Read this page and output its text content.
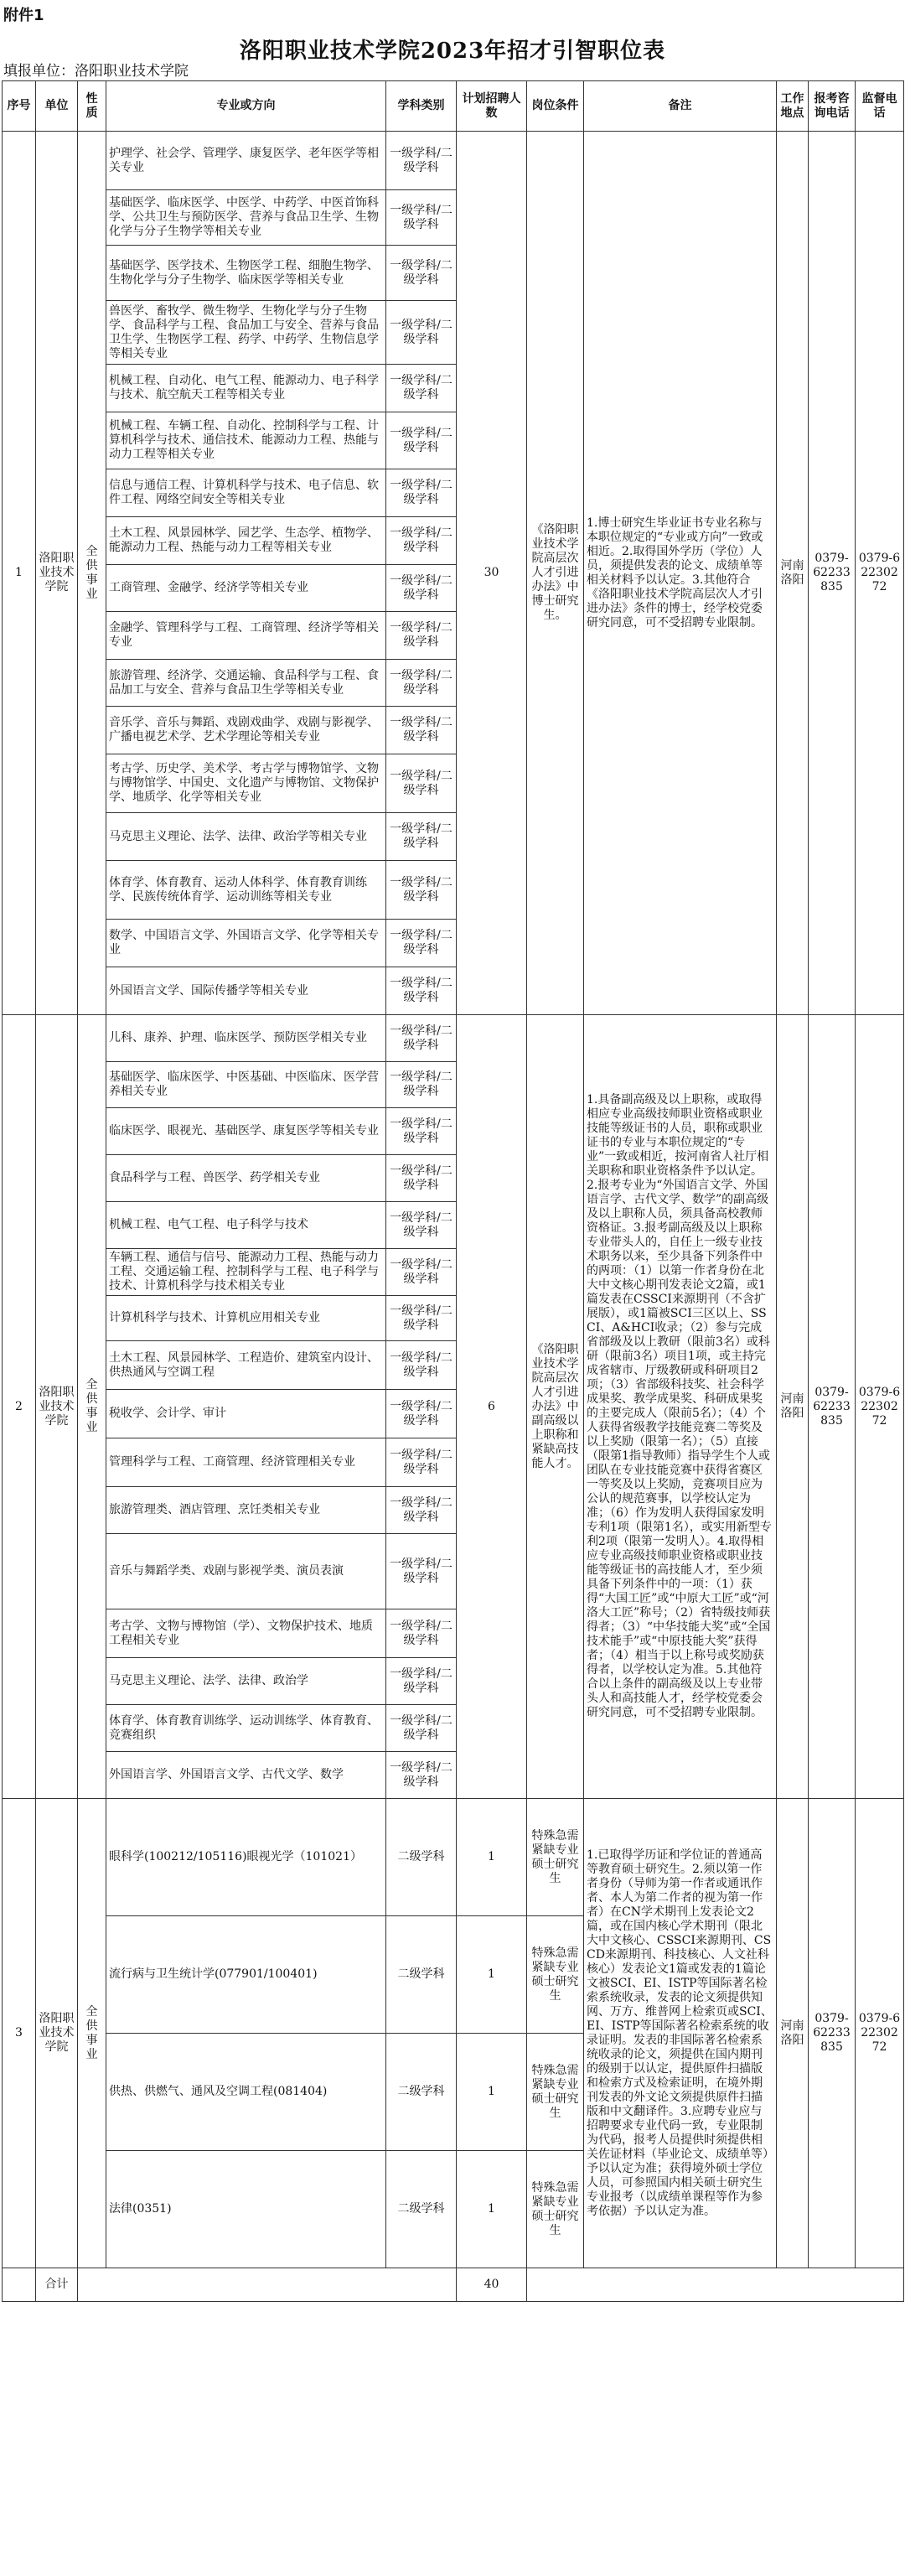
附件1
洛阳职业技术学院2023年招才引智职位表
填报单位：洛阳职业技术学院
序号	单位	性质	专业或方向	学科类别	计划招聘人数	岗位条件	备注	工作地点	报考咨询电话	监督电话
1	洛阳职业技术学院	全供事业	护理学、社会学、管理学、康复医学、老年医学等相关专业	一级学科/二级学科	30	《洛阳职业技术学院高层次人才引进办法》中博士研究生。	1.博士研究生毕业证书专业名称与本职位规定的“专业或方向”一致或相近。2.取得国外学历（学位）人员，须提供发表的论文、成绩单等相关材料予以认定。3.其他符合《洛阳职业技术学院高层次人才引进办法》条件的博士，经学校党委研究同意，可不受招聘专业限制。	河南洛阳	0379-62233835	0379-62230272
			基础医学、临床医学、中医学、中药学、中医首饰科学、公共卫生与预防医学、营养与食品卫生学、生物化学与分子生物学等相关专业	一级学科/二级学科						
			基础医学、医学技术、生物医学工程、细胞生物学、生物化学与分子生物学、临床医学等相关专业	一级学科/二级学科						
			兽医学、畜牧学、微生物学、生物化学与分子生物学、食品科学与工程、食品加工与安全、营养与食品卫生学、生物医学工程、药学、中药学、生物信息学等相关专业	一级学科/二级学科						
			机械工程、自动化、电气工程、能源动力、电子科学与技术、航空航天工程等相关专业	一级学科/二级学科						
			机械工程、车辆工程、自动化、控制科学与工程、计算机科学与技术、通信技术、能源动力工程、热能与动力工程等相关专业	一级学科/二级学科						
			信息与通信工程、计算机科学与技术、电子信息、软件工程、网络空间安全等相关专业	一级学科/二级学科						
			土木工程、风景园林学、园艺学、生态学、植物学、能源动力工程、热能与动力工程等相关专业	一级学科/二级学科						
			工商管理、金融学、经济学等相关专业	一级学科/二级学科						
			金融学、管理科学与工程、工商管理、经济学等相关专业	一级学科/二级学科						
			旅游管理、经济学、交通运输、食品科学与工程、食品加工与安全、营养与食品卫生学等相关专业	一级学科/二级学科						
			音乐学、音乐与舞蹈、戏剧戏曲学、戏剧与影视学、广播电视艺术学、艺术学理论等相关专业	一级学科/二级学科						
			考古学、历史学、美术学、考古学与博物馆学、文物与博物馆学、中国史、文化遗产与博物馆、文物保护学、地质学、化学等相关专业	一级学科/二级学科						
			马克思主义理论、法学、法律、政治学等相关专业	一级学科/二级学科						
			体育学、体育教育、运动人体科学、体育教育训练学、民族传统体育学、运动训练等相关专业	一级学科/二级学科						
			数学、中国语言文学、外国语言文学、化学等相关专业	一级学科/二级学科						
			外国语言文学、国际传播学等相关专业	一级学科/二级学科						
2	洛阳职业技术学院	全供事业	儿科、康养、护理、临床医学、预防医学相关专业	一级学科/二级学科	6	《洛阳职业技术学院高层次人才引进办法》中副高级以上职称和紧缺高技能人才。	1.具备副高级及以上职称，或取得相应专业高级技师职业资格或职业技能等级证书的人员，职称或职业证书的专业与本职位规定的“专业”一致或相近，按河南省人社厅相关职称和职业资格条件予以认定。2.报考专业为“外国语言文学、外国语言学、古代文学、数学”的副高级及以上职称人员，须具备高校教师资格证。3.报考副高级及以上职称专业带头人的，自任上一级专业技术职务以来，至少具备下列条件中的两项：（1）以第一作者身份在北大中文核心期刊发表论文2篇，或1篇发表在CSSCI来源期刊（不含扩展版），或1篇被SCI三区以上、SSCI、A&HCI收录；（2）参与完成省部级及以上教研（限前3名）或科研（限前3名）项目1项，或主持完成省辖市、厅级教研或科研项目2项；（3）省部级科技奖、社会科学成果奖、教学成果奖、科研成果奖的主要完成人（限前5名）；（4）个人获得省级教学技能竞赛二等奖及以上奖励（限第一名）；（5）直接（限第1指导教师）指导学生个人或团队在专业技能竞赛中获得省赛区一等奖及以上奖励，竞赛项目应为公认的规范赛事，以学校认定为准；（6）作为发明人获得国家发明专利1项（限第1名），或实用新型专利2项（限第一发明人）。4.取得相应专业高级技师职业资格或职业技能等级证书的高技能人才，至少须具备下列条件中的一项：（1）获得“大国工匠”或“中原大工匠”或“河洛大工匠”称号；（2）省特级技师获得者；（3）“中华技能大奖”或“全国技术能手”或“中原技能大奖”获得者；（4）相当于以上称号或奖励获得者，以学校认定为准。5.其他符合以上条件的副高级及以上专业带头人和高技能人才，经学校党委会研究同意，可不受招聘专业限制。	河南洛阳	0379-62233835	0379-62230272
			基础医学、临床医学、中医基础、中医临床、医学营养相关专业	一级学科/二级学科						
			临床医学、眼视光、基础医学、康复医学等相关专业	一级学科/二级学科						
			食品科学与工程、兽医学、药学相关专业	一级学科/二级学科						
			机械工程、电气工程、电子科学与技术	一级学科/二级学科						
			车辆工程、通信与信号、能源动力工程、热能与动力工程、交通运输工程、控制科学与工程、电子科学与技术、计算机科学与技术相关专业	一级学科/二级学科						
			计算机科学与技术、计算机应用相关专业	一级学科/二级学科						
			土木工程、风景园林学、工程造价、建筑室内设计、供热通风与空调工程	一级学科/二级学科						
			税收学、会计学、审计	一级学科/二级学科						
			管理科学与工程、工商管理、经济管理相关专业	一级学科/二级学科						
			旅游管理类、酒店管理、烹饪类相关专业	一级学科/二级学科						
			音乐与舞蹈学类、戏剧与影视学类、演员表演	一级学科/二级学科						
			考古学、文物与博物馆（学）、文物保护技术、地质工程相关专业	一级学科/二级学科						
			马克思主义理论、法学、法律、政治学	一级学科/二级学科						
			体育学、体育教育训练学、运动训练学、体育教育、竞赛组织	一级学科/二级学科						
			外国语言学、外国语言文学、古代文学、数学	一级学科/二级学科						
3	洛阳职业技术学院	全供事业	眼科学(100212/105116)眼视光学（101021）	二级学科	1	特殊急需紧缺专业硕士研究生	1.已取得学历证和学位证的普通高等教育硕士研究生。2.须以第一作者身份（导师为第一作者或通讯作者、本人为第二作者的视为第一作者）在CN学术期刊上发表论文2篇，或在国内核心学术期刊（限北大中文核心、CSSCI来源期刊、CSCD来源期刊、科技核心、人文社科核心）发表论文1篇或发表的1篇论文被SCI、EI、ISTP等国际著名检索系统收录，发表的论文须提供知网、万方、维普网上检索页或SCI、EI、ISTP等国际著名检索系统的收录证明。发表的非国际著名检索系统收录的论文，须提供在国内期刊的级别于以认定，提供原件扫描版和检索方式及检索证明，在境外期刊发表的外文论文须提供原件扫描版和中文翻译件。3.应聘专业应与招聘要求专业代码一致，专业限制为代码，报考人员提供时须提供相关佐证材料（毕业论文、成绩单等）予以认定为准；获得境外硕士学位人员，可参照国内相关硕士研究生专业报考（以成绩单课程等作为参考依据）予以认定为准。	河南洛阳	0379-62233835	0379-62230272
			流行病与卫生统计学(077901/100401)	二级学科	1	特殊急需紧缺专业硕士研究生				
			供热、供燃气、通风及空调工程(081404)	二级学科	1	特殊急需紧缺专业硕士研究生				
			法律(0351)	二级学科	1	特殊急需紧缺专业硕士研究生				
	合计				40					
